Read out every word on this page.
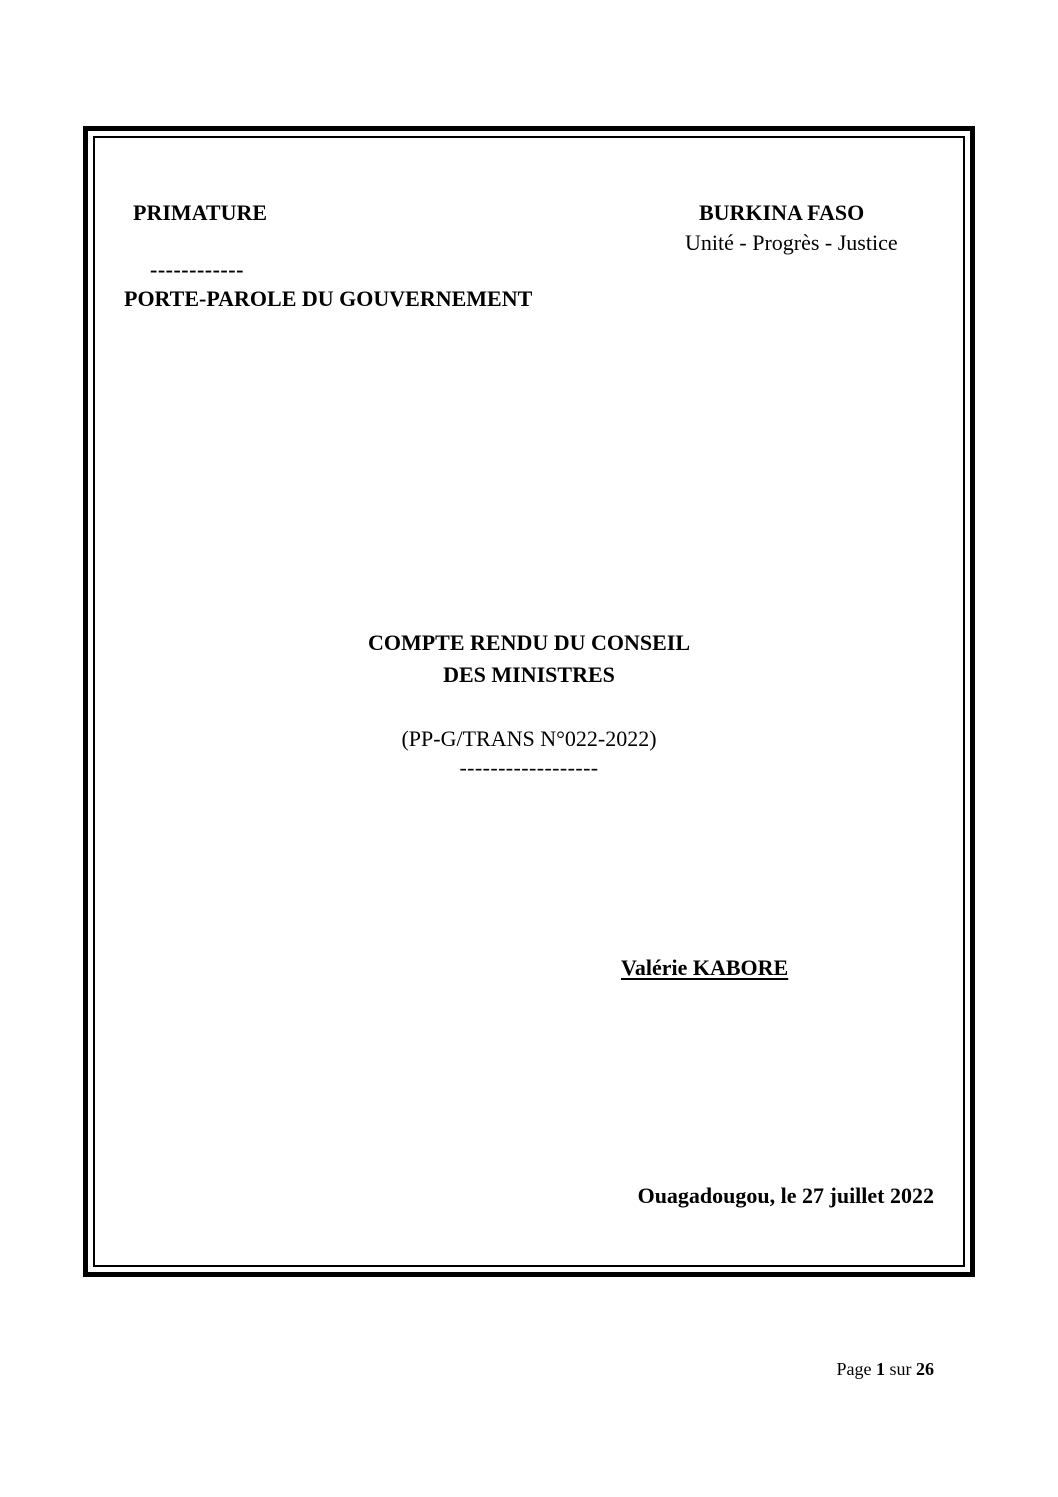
PRIMATURE
------------
PORTE-PAROLE DU GOUVERNEMENT
BURKINA FASO
Unité - Progrès - Justice
COMPTE RENDU DU CONSEIL
DES MINISTRES
(PP-G/TRANS N°022-2022)
------------------
Valérie KABORE
Ouagadougou, le 27 juillet 2022
Page 1 sur 26
